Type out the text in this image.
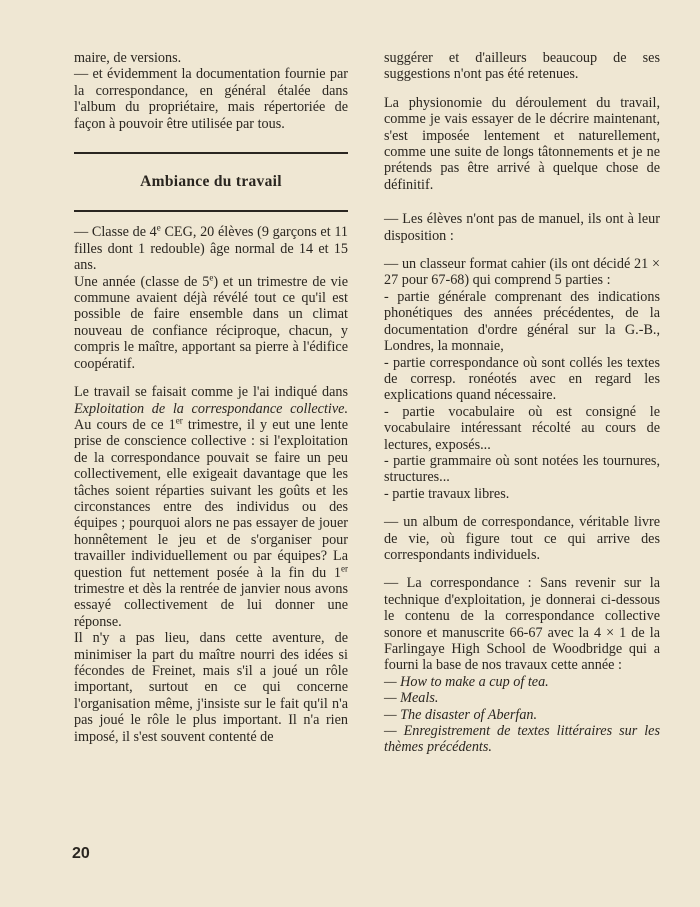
maire, de versions.

— et évidemment la documentation fournie par la correspondance, en général étalée dans l'album du propriétaire, mais répertoriée de façon à pouvoir être utilisée par tous.

Ambiance du travail

— Classe de 4e CEG, 20 élèves (9 garçons et 11 filles dont 1 redouble) âge normal de 14 et 15 ans.

Une année (classe de 5e) et un trimestre de vie commune avaient déjà révélé tout ce qu'il est possible de faire ensemble dans un climat nouveau de confiance réciproque, chacun, y compris le maître, apportant sa pierre à l'édifice coopératif.

Le travail se faisait comme je l'ai indiqué dans Exploitation de la correspondance collective. Au cours de ce 1er trimestre, il y eut une lente prise de conscience collective : si l'exploitation de la correspondance pouvait se faire un peu collectivement, elle exigeait davantage que les tâches soient réparties suivant les goûts et les circonstances entre des individus ou des équipes ; pourquoi alors ne pas essayer de jouer honnêtement le jeu et de s'organiser pour travailler individuellement ou par équipes? La question fut nettement posée à la fin du 1er trimestre et dès la rentrée de janvier nous avons essayé collectivement de lui donner une réponse.

Il n'y a pas lieu, dans cette aventure, de minimiser la part du maître nourri des idées si fécondes de Freinet, mais s'il a joué un rôle important, surtout en ce qui concerne l'organisation même, j'insiste sur le fait qu'il n'a pas joué le rôle le plus important. Il n'a rien imposé, il s'est souvent contenté de

suggérer et d'ailleurs beaucoup de ses suggestions n'ont pas été retenues.

La physionomie du déroulement du travail, comme je vais essayer de le décrire maintenant, s'est imposée lentement et naturellement, comme une suite de longs tâtonnements et je ne prétends pas être arrivé à quelque chose de définitif.

— Les élèves n'ont pas de manuel, ils ont à leur disposition :

— un classeur format cahier (ils ont décidé 21 × 27 pour 67-68) qui comprend 5 parties :

- partie générale comprenant des indications phonétiques des années précédentes, de la documentation d'ordre général sur la G.-B., Londres, la monnaie,

- partie correspondance où sont collés les textes de corresp. ronéotés avec en regard les explications quand nécessaire.

- partie vocabulaire où est consigné le vocabulaire intéressant récolté au cours de lectures, exposés...

- partie grammaire où sont notées les tournures, structures...

- partie travaux libres.

— un album de correspondance, véritable livre de vie, où figure tout ce qui arrive des correspondants individuels.

— La correspondance : Sans revenir sur la technique d'exploitation, je donnerai ci-dessous le contenu de la correspondance collective sonore et manuscrite 66-67 avec la 4 × 1 de la Farlingaye High School de Woodbridge qui a fourni la base de nos travaux cette année :

— How to make a cup of tea.

— Meals.

— The disaster of Aberfan.

— Enregistrement de textes littéraires sur les thèmes précédents.

20
